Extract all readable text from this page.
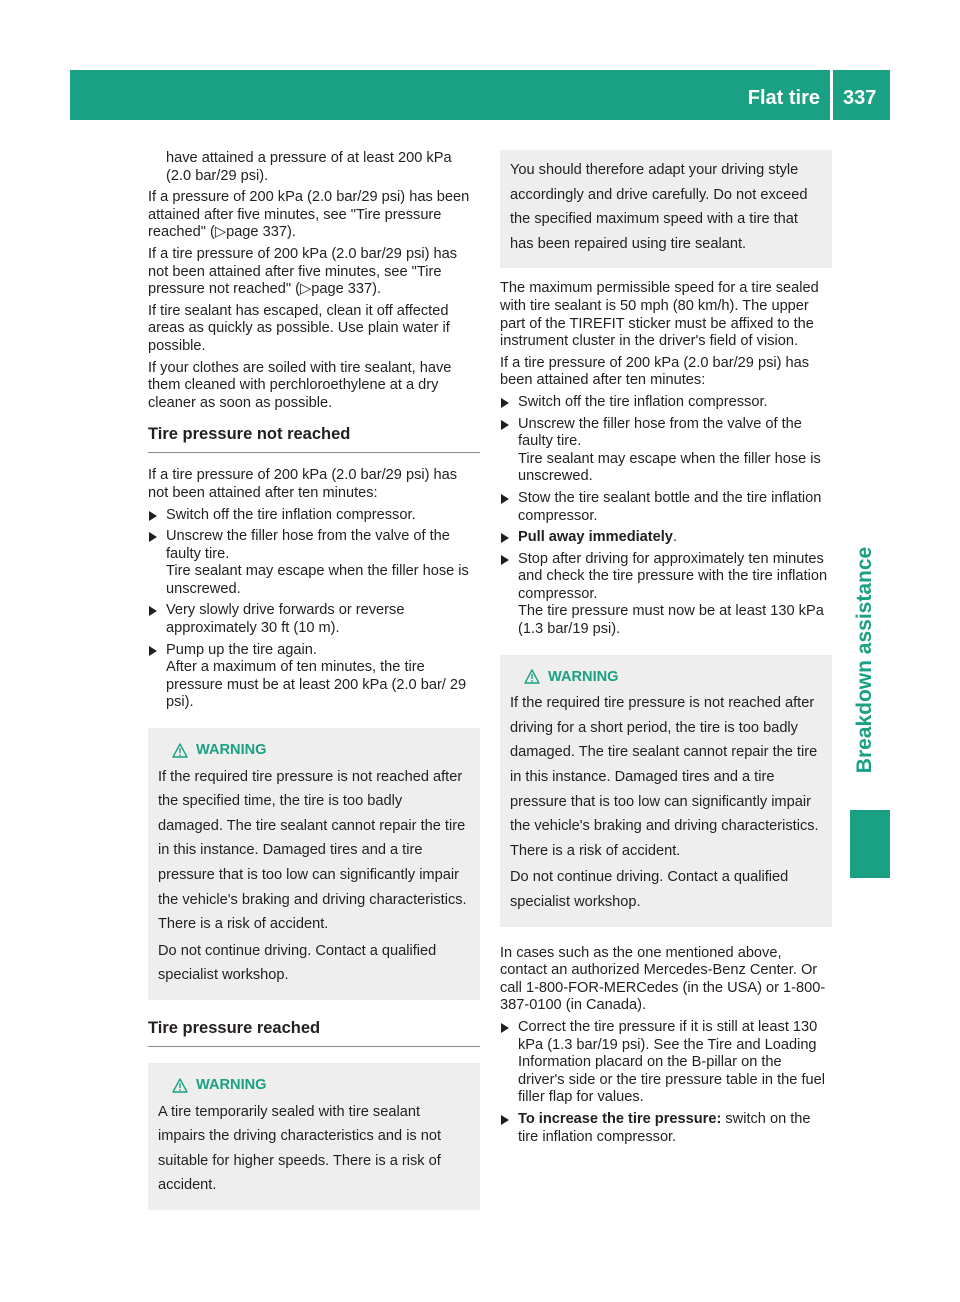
Flat tire 337
Breakdown assistance

have attained a pressure of at least 200 kPa (2.0 bar/29 psi).

If a pressure of 200 kPa (2.0 bar/29 psi) has been attained after five minutes, see "Tire pressure reached" (▷page 337).

If a tire pressure of 200 kPa (2.0 bar/29 psi) has not been attained after five minutes, see "Tire pressure not reached" (▷page 337).

If tire sealant has escaped, clean it off affected areas as quickly as possible. Use plain water if possible.

If your clothes are soiled with tire sealant, have them cleaned with perchloroethylene at a dry cleaner as soon as possible.

Tire pressure not reached

If a tire pressure of 200 kPa (2.0 bar/29 psi) has not been attained after ten minutes:

Switch off the tire inflation compressor.
Unscrew the filler hose from the valve of the faulty tire.
Tire sealant may escape when the filler hose is unscrewed.
Very slowly drive forwards or reverse approximately 30 ft (10 m).
Pump up the tire again.
After a maximum of ten minutes, the tire pressure must be at least 200 kPa (2.0 bar/ 29 psi).
WARNING

If the required tire pressure is not reached after the specified time, the tire is too badly damaged. The tire sealant cannot repair the tire in this instance. Damaged tires and a tire pressure that is too low can significantly impair the vehicle's braking and driving characteristics. There is a risk of accident.

Do not continue driving. Contact a qualified specialist workshop.

Tire pressure reached
WARNING

A tire temporarily sealed with tire sealant impairs the driving characteristics and is not suitable for higher speeds. There is a risk of accident.

You should therefore adapt your driving style accordingly and drive carefully. Do not exceed the specified maximum speed with a tire that has been repaired using tire sealant.

The maximum permissible speed for a tire sealed with tire sealant is 50 mph (80 km/h). The upper part of the TIREFIT sticker must be affixed to the instrument cluster in the driver's field of vision.

If a tire pressure of 200 kPa (2.0 bar/29 psi) has been attained after ten minutes:

Switch off the tire inflation compressor.
Unscrew the filler hose from the valve of the faulty tire.
Tire sealant may escape when the filler hose is unscrewed.
Stow the tire sealant bottle and the tire inflation compressor.
Pull away immediately.
Stop after driving for approximately ten minutes and check the tire pressure with the tire inflation compressor.
The tire pressure must now be at least 130 kPa (1.3 bar/19 psi).
WARNING

If the required tire pressure is not reached after driving for a short period, the tire is too badly damaged. The tire sealant cannot repair the tire in this instance. Damaged tires and a tire pressure that is too low can significantly impair the vehicle's braking and driving characteristics. There is a risk of accident.

Do not continue driving. Contact a qualified specialist workshop.

In cases such as the one mentioned above, contact an authorized Mercedes-Benz Center. Or call 1-800-FOR-MERCedes (in the USA) or 1-800-387-0100 (in Canada).

Correct the tire pressure if it is still at least 130 kPa (1.3 bar/19 psi). See the Tire and Loading Information placard on the B-pillar on the driver's side or the tire pressure table in the fuel filler flap for values.
To increase the tire pressure: switch on the tire inflation compressor.
